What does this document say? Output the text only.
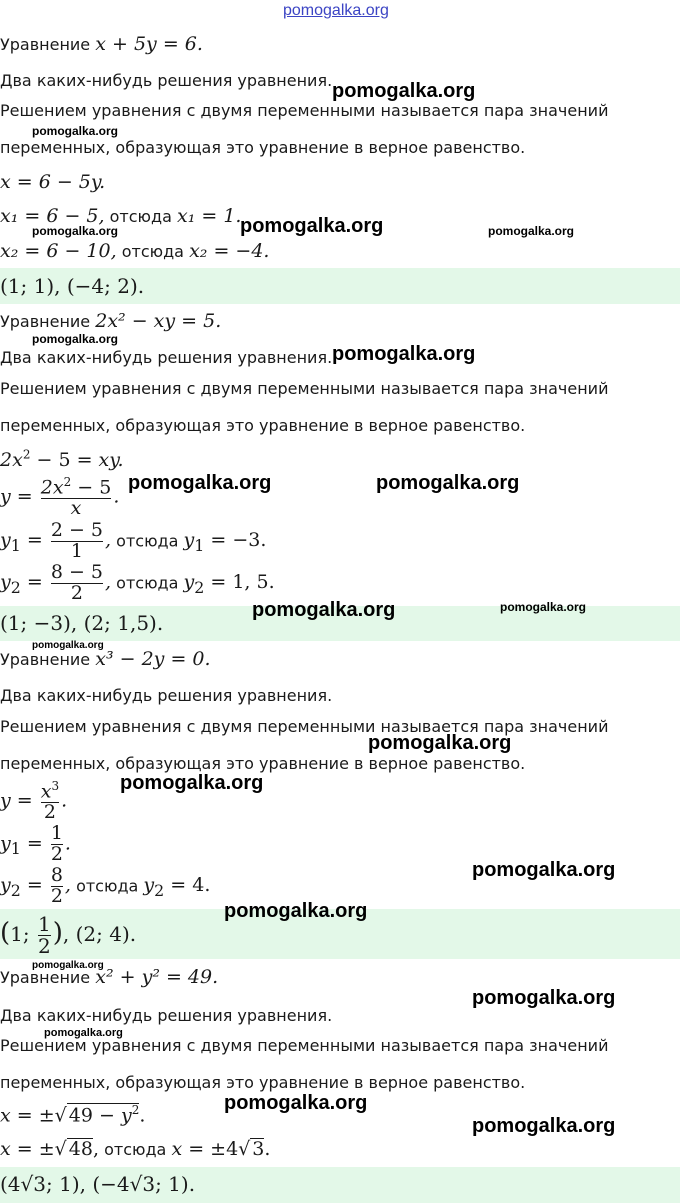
pomogalka.org
Уравнение x + 5y = 6.
Два каких-нибудь решения уравнения.
Решением уравнения с двумя переменными называется пара значений
переменных, образующая это уравнение в верное равенство.
x = 6 − 5y.
x₁ = 6 − 5, отсюда x₁ = 1.
x₂ = 6 − 10, отсюда x₂ = −4.
(1; 1), (−4; 2).
Уравнение 2x² − xy = 5.
Два каких-нибудь решения уравнения.
Решением уравнения с двумя переменными называется пара значений
переменных, образующая это уравнение в верное равенство.
$2x^2 - 5$ = xy.
$y = \frac{2x^2 - 5}{x}$ .
$y_1 = \frac{2 - 5}{1}$ , отсюда $y_1 = -3$.
$y_2 = \frac{8 - 5}{2}$ , отсюда $y_2 = 1$, 5.
(1; −3), (2; 1,5).
Уравнение x³ − 2y = 0.
Два каких-нибудь решения уравнения.
Решением уравнения с двумя переменными называется пара значений
переменных, образующая это уравнение в верное равенство.
$y = \frac{x^3}{2}$ .
$y_1 = \frac{1}{2}$ .
$y_2 = \frac{8}{2}$ , отсюда $y_2 = 4$.
(1; $\frac{1}{2}$ ), (2; 4).
Уравнение x² + y² = 49.
Два каких-нибудь решения уравнения.
Решением уравнения с двумя переменными называется пара значений
переменных, образующая это уравнение в верное равенство.
x = ±√ $49 - y^2$.
x = ±√ 48, отсюда x = ±4√ 3.
(4√3; 1), (−4√3; 1).
pomogalka.org
pomogalka.org
pomogalka.org
pomogalka.org	pomogalka.org
pomogalka.org
pomogalka.org
pomogalka.org	pomogalka.org
pomogalka.org	pomogalka.org
pomogalka.org
pomogalka.org
pomogalka.org
pomogalka.org
pomogalka.org
pomogalka.org
pomogalka.org
pomogalka.org
pomogalka.org
pomogalka.org
